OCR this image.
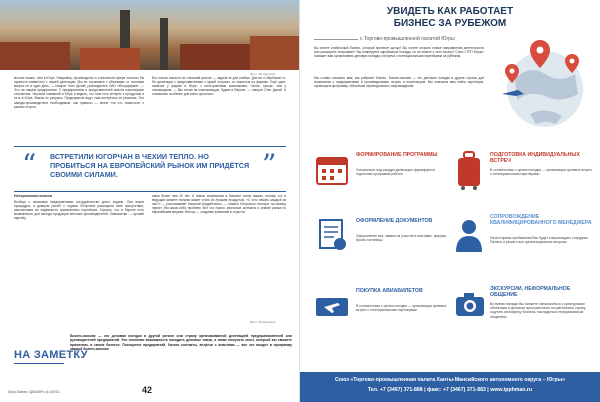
Фото: Shutterstock
многих наших, чем в Югре. Например, производство в стекольной сфере неплохо бы провести совместно с нашей делегации. Мы не торопимся с объемами: от поставки вопрос не в один день, — говорит Олег Дыгай, руководитель ОАО «Югорфарма». — Это на нашем предприятии. С предприятием и представителей власти партнерские отношения. Чешских компаний в Югре и видеть, что нам есть интерес к продуктам и есть в Югре. Важно их ресурсы. Предприятия ищут, нам интересны их решения. Это заводы-производители необходимые, как правило — иначе «за что ломиться» с разных сторон.
Вот только попасть на «чешский рынок» — задача не для слабых. Дни на «Сбербанке» и. Не делегации с представителями с одной стороны, со смыслом на фирмах. Ещё одно: наличие у фирмы в Югре, с иностранными компаниями, Чехия, проще, чем у поставщиков. — Мы хотим на отвлекающую, будем в Европе, — говорит Олег Дыгай. А сложилась особенно для всего прошлого.
“ ВСТРЕТИЛИ ЮГОРЧАН В ЧЕХИИ ТЕПЛО. НО ПРОБИТЬСЯ НА ЕВРОПЕЙСКИЙ РЫНОК ИМ ПРИДЁТСЯ СВОИМИ СИЛАМИ.	”
Неторопливо-чешски
Вообще с чешскими предприятиями сотрудничество долго ходили. Они взяли процедуры, а доверие растёт с годами. Югорчане расширили своё присутствие, рассчитывая на надёжность проверенных партнёров. Хорошо, что в Европе есть возможность для выхода продукции местных производителей. Знакомство — лучший партнёр.
нами более чем 20 лет. А новые знакомства в бизнесе очень важны, потому что и ведущий момент покупки может стать их лучшим продуктом. «С чего начать каждый из нас?» — рассказывает Николай Андрейченко, — нашего Югорского сектора: по-своему проект, без каких-либо проблем. Вот что нужно: реальные контакты и знание рынка по европейским меркам. Вектор — создание компании в отрасли.
Фото: Shutterstock
НА ЗАМЕТКУ
Бизнес-миссия — это деловая поездка в другой регион или страну организованной делегацией предпринимателей или руководителей предприятий. Это отличная возможность находить деловые связи, а также получить опыт, который вы сможете применить в своем бизнесе. Посещение предприятий, бизнес контакты, встречи с властями — все это входит в программу каждой бизнес-миссии.
Югра Бизнес / ДЕКАБРЬ № 5/2016	42
УВИДЕТЬ КАК РАБОТАЕТ
БИЗНЕС ЗА РУБЕЖОМ
с Торгово-промышленной палатой Югры
Вы хотите стабильный бизнес, который принесет доход? Вы хотите открыть новые направления деятельности или расширить географию? Вы планируете зарубежную поездку, но не знаете с чего начать? Союз «ТПП Югры» поможет вам организовать деловую поездку и встречи с потенциальными партнёрами за рубежом.
Мы готовы показать вам, как работает бизнес. Бизнес-миссии — это деловые поездки в другие страны для знакомства с предприятиями и производствами, встреч и переговоров. Мы поможем вам найти партнёров, организуем программу, обеспечим переводчиков и сопровождение.
ФОРМИРОВАНИЕ ПРОГРАММЫ
Специально под каждую делегацию формируется отдельная программа работы
ПОДГОТОВКА ИНДИВИДУАЛЬНЫХ ВСТРЕЧ
В соответствии с целью поездки — организация целевых встреч с потенциальными партнерами
ОФОРМЛЕНИЕ ДОКУМЕНТОВ
Оформление виз, заявки на участие в выставке, форума, бронь гостиницы
СОПРОВОЖДЕНИЕ КВАЛИФИЦИРОВАННОГО МЕНЕДЖЕРА
На все время пребывания Вас будет сопровождать сотрудник Палаты и решать все организационные вопросы
ПОКУПКА АВИАБИЛЕТОВ
В соответствии с целью поездки — организация целевых встреч с потенциальными партнерами
ЭКСКУРСИИ, НЕФОРМАЛЬНОЕ ОБЩЕНИЕ
Во время поездки Вы сможете ознакомиться с культурными объектами и деловым пространством, почувствовать страну, ощутить атмосферу бизнеса, насладиться неформальным общением
Союз «Торгово-промышленная палата Ханты-Мансийского автономного округа – Югры»
Тел. +7 (3467) 371-888 | факс: +7 (3467) 371-883 | www.tpphmao.ru
